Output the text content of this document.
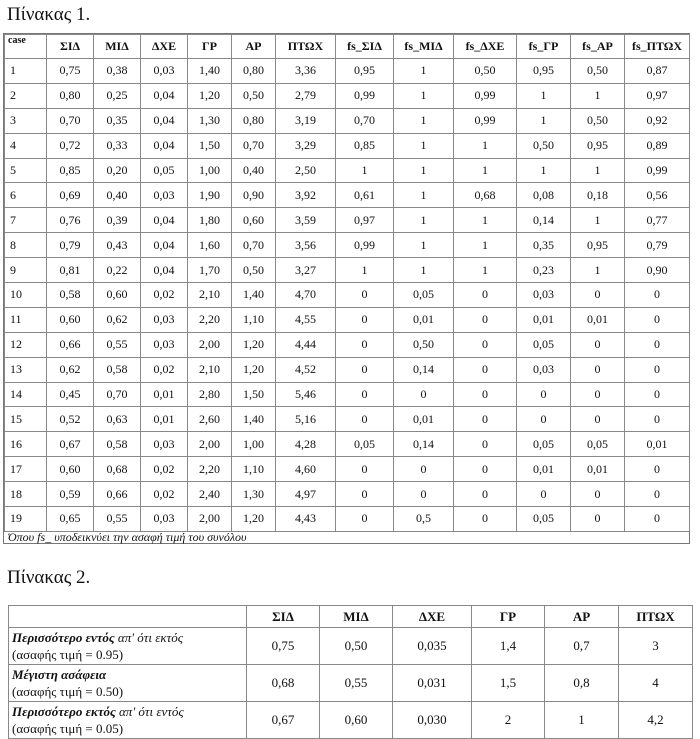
Πίνακας 1.
case	ΣΙΔ	ΜΙΔ	ΔΧΕ	ΓΡ	ΑΡ	ΠΤΩΧ	fs_ΣΙΔ	fs_ΜΙΔ	fs_ΔΧΕ	fs_ΓΡ	fs_ΑΡ	fs_ΠΤΩΧ
1	0,75	0,38	0,03	1,40	0,80	3,36	0,95	1	0,50	0,95	0,50	0,87
2	0,80	0,25	0,04	1,20	0,50	2,79	0,99	1	0,99	1	1	0,97
3	0,70	0,35	0,04	1,30	0,80	3,19	0,70	1	0,99	1	0,50	0,92
4	0,72	0,33	0,04	1,50	0,70	3,29	0,85	1	1	0,50	0,95	0,89
5	0,85	0,20	0,05	1,00	0,40	2,50	1	1	1	1	1	0,99
6	0,69	0,40	0,03	1,90	0,90	3,92	0,61	1	0,68	0,08	0,18	0,56
7	0,76	0,39	0,04	1,80	0,60	3,59	0,97	1	1	0,14	1	0,77
8	0,79	0,43	0,04	1,60	0,70	3,56	0,99	1	1	0,35	0,95	0,79
9	0,81	0,22	0,04	1,70	0,50	3,27	1	1	1	0,23	1	0,90
10	0,58	0,60	0,02	2,10	1,40	4,70	0	0,05	0	0,03	0	0
11	0,60	0,62	0,03	2,20	1,10	4,55	0	0,01	0	0,01	0,01	0
12	0,66	0,55	0,03	2,00	1,20	4,44	0	0,50	0	0,05	0	0
13	0,62	0,58	0,02	2,10	1,20	4,52	0	0,14	0	0,03	0	0
14	0,45	0,70	0,01	2,80	1,50	5,46	0	0	0	0	0	0
15	0,52	0,63	0,01	2,60	1,40	5,16	0	0,01	0	0	0	0
16	0,67	0,58	0,03	2,00	1,00	4,28	0,05	0,14	0	0,05	0,05	0,01
17	0,60	0,68	0,02	2,20	1,10	4,60	0	0	0	0,01	0,01	0
18	0,59	0,66	0,02	2,40	1,30	4,97	0	0	0	0	0	0
19	0,65	0,55	0,03	2,00	1,20	4,43	0	0,5	0	0,05	0	0
Όπου fs_ υποδεικνύει την ασαφή τιμή του συνόλου
Πίνακας 2.
	ΣΙΔ	ΜΙΔ	ΔΧΕ	ΓΡ	ΑΡ	ΠΤΩΧ
Περισσότερο εντός απ' ότι εκτός
(ασαφής τιμή = 0.95)	0,75	0,50	0,035	1,4	0,7	3
Μέγιστη ασάφεια
(ασαφής τιμή = 0.50)	0,68	0,55	0,031	1,5	0,8	4
Περισσότερο εκτός απ' ότι εντός
(ασαφής τιμή = 0.05)	0,67	0,60	0,030	2	1	4,2
